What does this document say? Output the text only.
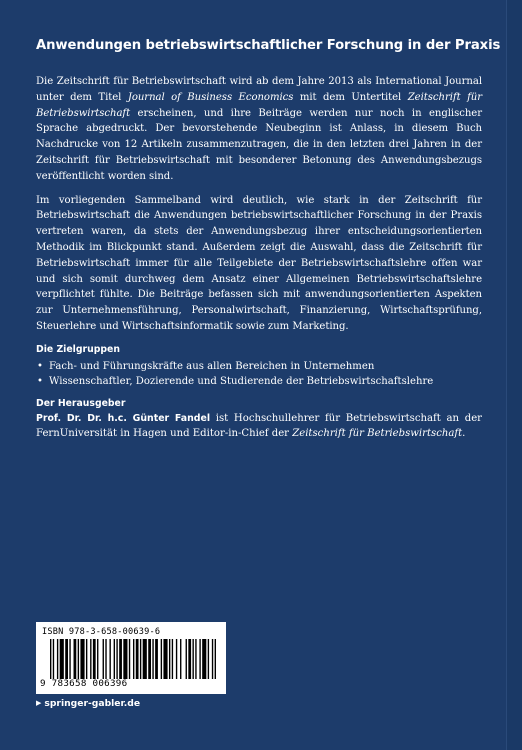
Anwendungen betriebswirtschaftlicher Forschung in der Praxis

Die Zeitschrift für Betriebswirtschaft wird ab dem Jahre 2013 als International Journal unter dem Titel Journal of Business Economics mit dem Untertitel Zeitschrift für Betriebswirtschaft erscheinen, und ihre Beiträge werden nur noch in englischer Sprache abgedruckt. Der bevorstehende Neubeginn ist Anlass, in diesem Buch Nachdrucke von 12 Artikeln zusammenzutragen, die in den letzten drei Jahren in der Zeitschrift für Betriebswirtschaft mit besonderer Betonung des Anwendungsbezugs veröffentlicht worden sind.

Im vorliegenden Sammelband wird deutlich, wie stark in der Zeitschrift für Betriebswirtschaft die Anwendungen betriebswirtschaftlicher Forschung in der Praxis vertreten waren, da stets der Anwendungsbezug ihrer entscheidungsorientierten Methodik im Blickpunkt stand. Außerdem zeigt die Auswahl, dass die Zeitschrift für Betriebswirtschaft immer für alle Teilgebiete der Betriebswirtschaftslehre offen war und sich somit durchweg dem Ansatz einer Allgemeinen Betriebswirtschaftslehre verpflichtet fühlte. Die Beiträge befassen sich mit anwendungsorientierten Aspekten zur Unternehmensführung, Personalwirtschaft, Finanzierung, Wirtschaftsprüfung, Steuerlehre und Wirtschaftsinformatik sowie zum Marketing.

Die Zielgruppen
• Fach- und Führungskräfte aus allen Bereichen in Unternehmen
• Wissenschaftler, Dozierende und Studierende der Betriebswirtschaftslehre
Der Herausgeber

Prof. Dr. Dr. h.c. Günter Fandel ist Hochschullehrer für Betriebswirtschaft an der FernUniversität in Hagen und Editor-in-Chief der Zeitschrift für Betriebswirtschaft.

ISBN 978-3-658-00639-6
9 783658 006396
▶ springer-gabler.de
